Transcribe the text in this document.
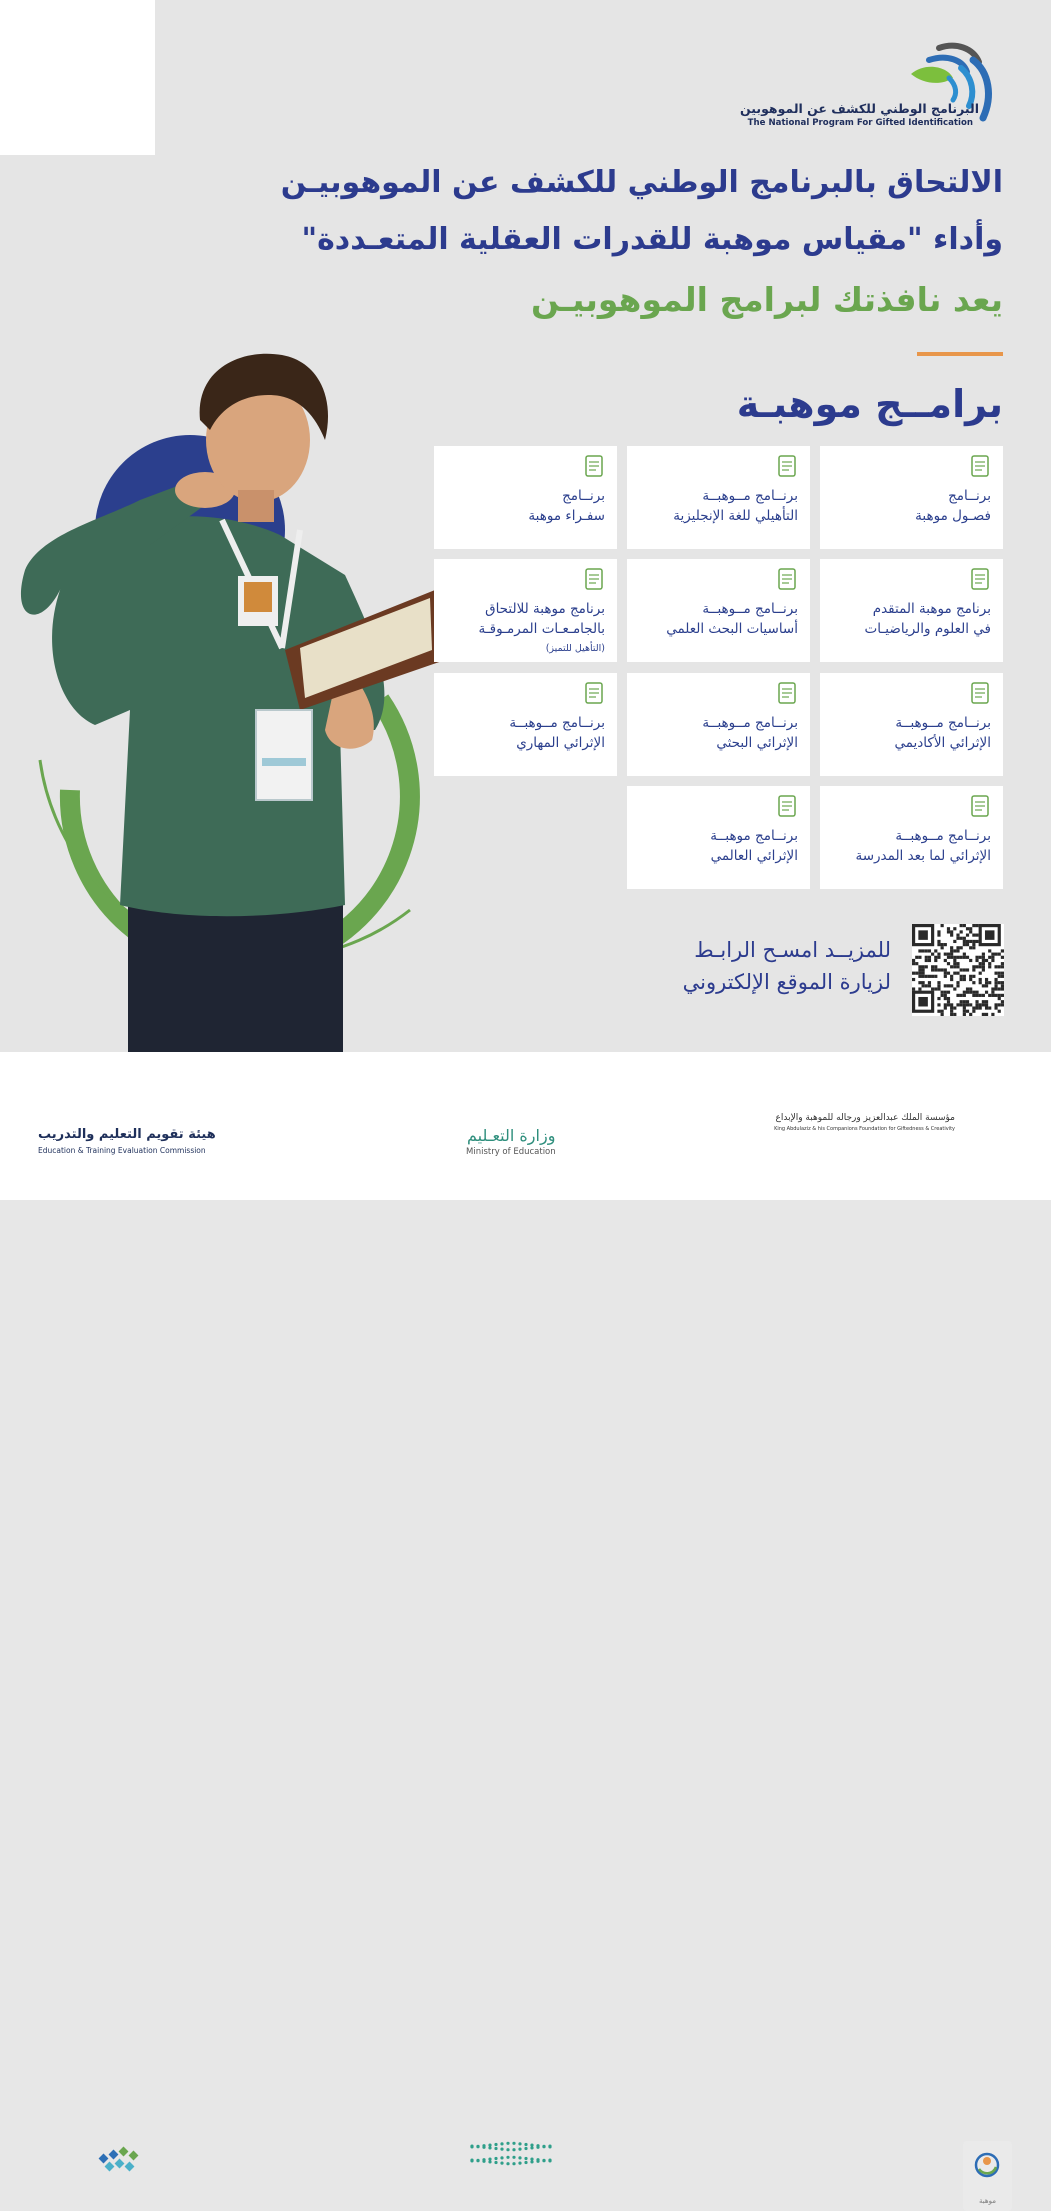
البرنامج الوطني للكشف عن الموهوبين
The National Program For Gifted Identification
الالتحاق بالبرنامج الوطني للكشف عن الموهوبيـن
وأداء "مقياس موهبة للقدرات العقلية المتعـددة"
يعد نافذتك لبرامج الموهوبيـن
برامــج موهبـة
برنــامج
فصـول موهبة
برنــامج مــوهبــة
التأهيلي للغة الإنجليزية
برنــامج
سفـراء موهبة
برنامج موهبة المتقدم
في العلوم والرياضيـات
برنــامج مــوهبــة
أساسيات البحث العلمي
برنامج موهبة للالتحاق
بالجامـعـات المرمـوقـة
(التأهيل للتميز)
برنــامج مــوهبــة
الإثرائي الأكاديمي
برنــامج مــوهبــة
الإثرائي البحثي
برنــامج مــوهبــة
الإثرائي المهاري
برنــامج مــوهبــة
الإثرائي لما بعد المدرسة
برنــامج موهبــة
الإثرائي العالمي
للمزيــد امسـح الرابـط
لزيارة الموقع الإلكتروني
موهبة
هيئة تقويم التعليم والتدريب
Education & Training Evaluation Commission
وزارة التعـليم
Ministry of Education
مؤسسة الملك عبدالعزيز ورجاله للموهبة والإبداع
King Abdulaziz & his Companions Foundation for Giftedness & Creativity
